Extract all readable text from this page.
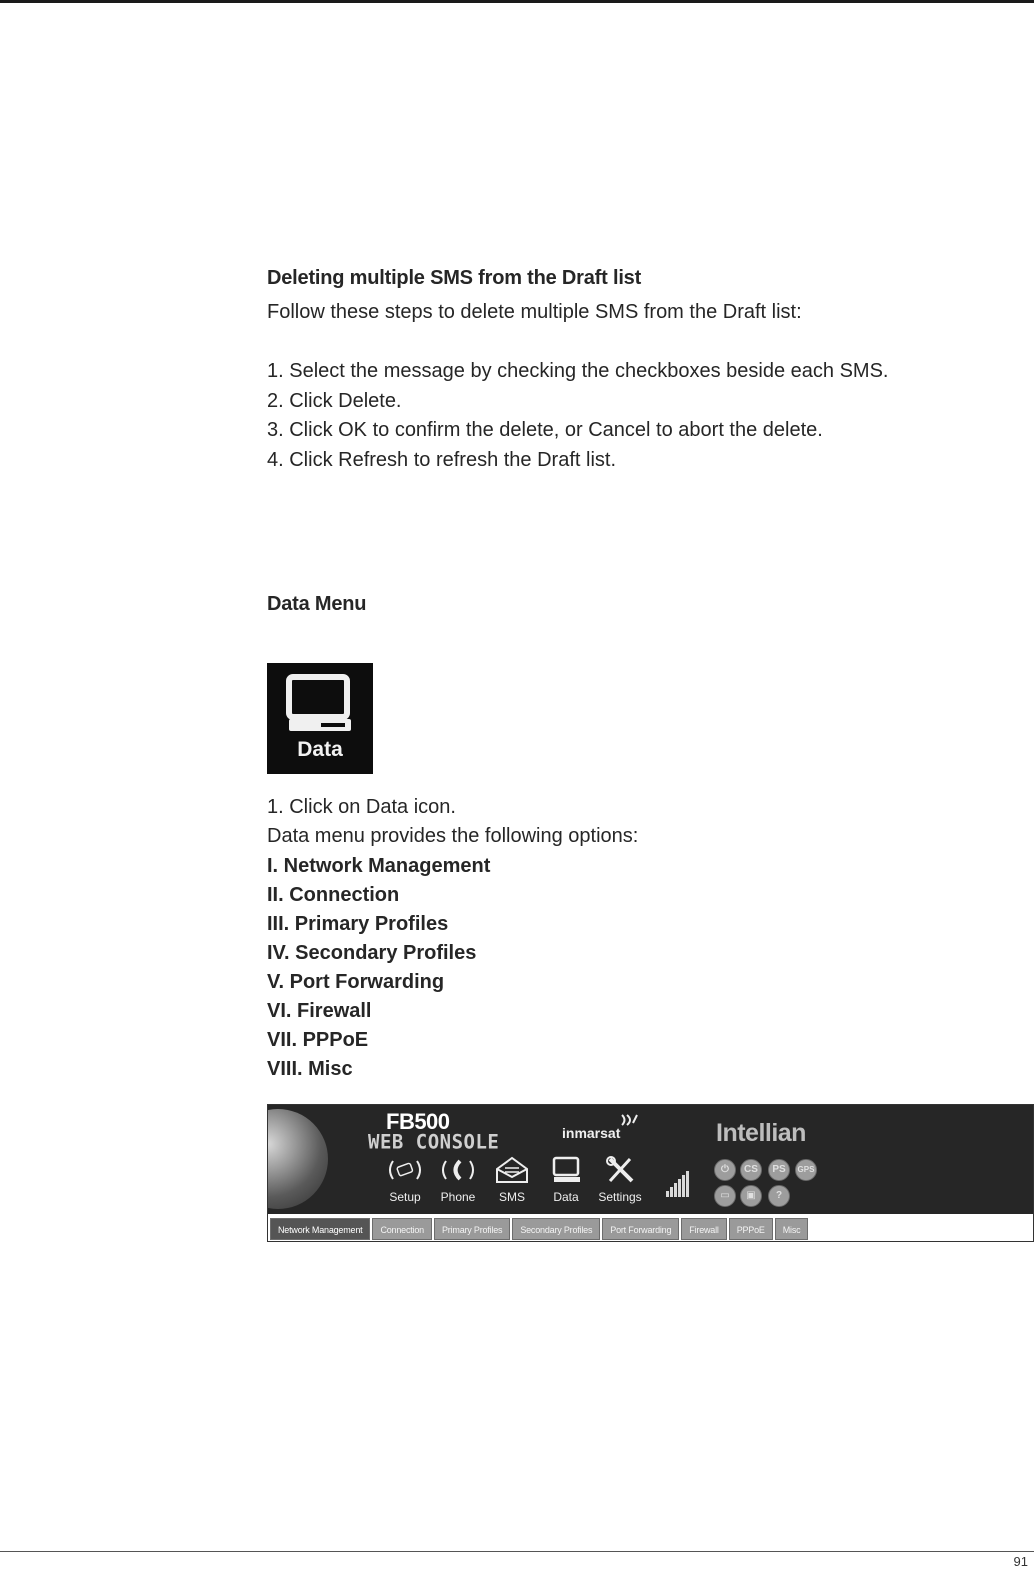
Deleting multiple SMS from the Draft list
Follow these steps to delete multiple SMS from the Draft list:
1. Select the message by checking the checkboxes beside each SMS.
2. Click Delete.
3. Click OK to confirm the delete, or Cancel to abort the delete.
4. Click Refresh to refresh the Draft list.
Data Menu
Data
1. Click on Data icon.
Data menu provides the following options:
I. Network Management
II. Connection
III. Primary Profiles
IV. Secondary Profiles
V. Port Forwarding
VI. Firewall
VII. PPPoE
VIII. Misc
FB500
WEB CONSOLE	inmarsat	Intellian
Setup	Phone	SMS	Data	Settings
⏻	CS	PS	GPS
▭	▣	?
Network Management	Connection	Primary Profiles	Secondary Profiles	Port Forwarding	Firewall	PPPoE	Misc
91
